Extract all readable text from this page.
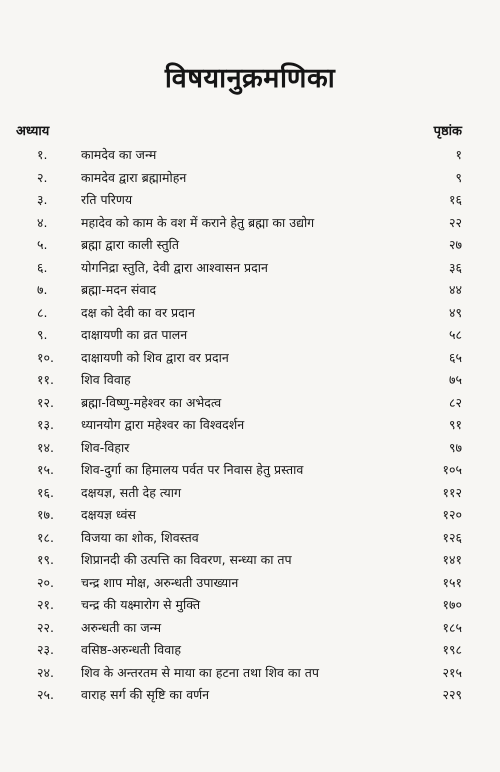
विषयानुक्रमणिका
अध्याय	पृष्ठांक
१.	कामदेव का जन्म	१
२.	कामदेव द्वारा ब्रह्मामोहन	९
३.	रति परिणय	१६
४.	महादेव को काम के वश में कराने हेतु ब्रह्मा का उद्योग	२२
५.	ब्रह्मा द्वारा काली स्तुति	२७
६.	योगनिद्रा स्तुति, देवी द्वारा आश्वासन प्रदान	३६
७.	ब्रह्मा-मदन संवाद	४४
८.	दक्ष को देवी का वर प्रदान	४९
९.	दाक्षायणी का व्रत पालन	५८
१०.	दाक्षायणी को शिव द्वारा वर प्रदान	६५
११.	शिव विवाह	७५
१२.	ब्रह्मा-विष्णु-महेश्वर का अभेदत्व	८२
१३.	ध्यानयोग द्वारा महेश्वर का विश्वदर्शन	९१
१४.	शिव-विहार	९७
१५.	शिव-दुर्गा का हिमालय पर्वत पर निवास हेतु प्रस्ताव	१०५
१६.	दक्षयज्ञ, सती देह त्याग	११२
१७.	दक्षयज्ञ ध्वंस	१२०
१८.	विजया का शोक, शिवस्तव	१२६
१९.	शिप्रानदी की उत्पत्ति का विवरण, सन्ध्या का तप	१४१
२०.	चन्द्र शाप मोक्ष, अरुन्धती उपाख्यान	१५१
२१.	चन्द्र की यक्ष्मारोग से मुक्ति	१७०
२२.	अरुन्धती का जन्म	१८५
२३.	वसिष्ठ-अरुन्धती विवाह	१९८
२४.	शिव के अन्तरतम से माया का हटना तथा शिव का तप	२१५
२५.	वाराह सर्ग की सृष्टि का वर्णन	२२९
